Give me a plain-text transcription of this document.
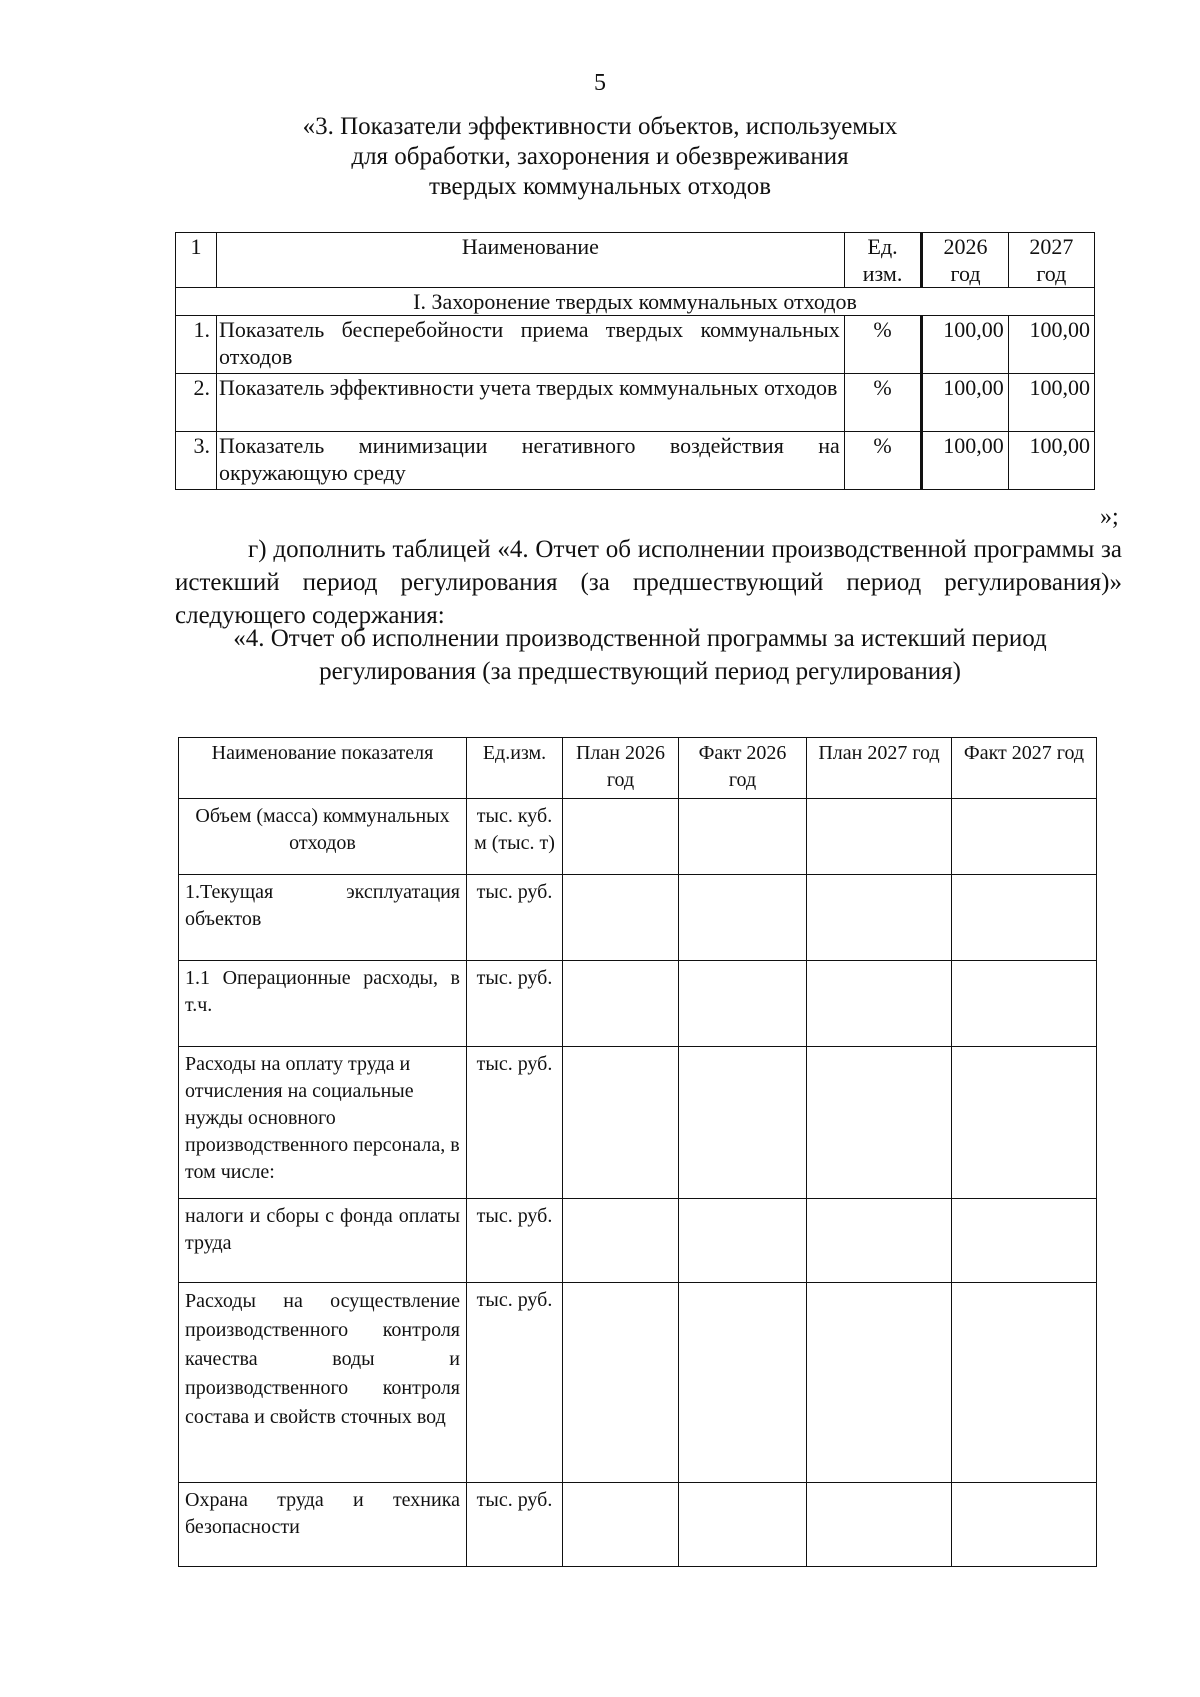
5
«3. Показатели эффективности объектов, используемых
для обработки, захоронения и обезвреживания
твердых коммунальных отходов
1	Наименование	Ед. изм.	2026 год	2027 год
I. Захоронение твердых коммунальных отходов				
1.	Показатель бесперебойности приема твердых коммунальных отходов	%	100,00	100,00
2.	Показатель эффективности учета твердых коммунальных отходов	%	100,00	100,00
3.	Показатель минимизации негативного воздействия на окружающую среду	%	100,00	100,00
»;
г) дополнить таблицей «4. Отчет об исполнении производственной программы за истекший период регулирования (за предшествующий период регулирования)» следующего содержания:
«4. Отчет об исполнении производственной программы за истекший период
регулирования (за предшествующий период регулирования)
Наименование показателя	Ед.изм.	План 2026 год	Факт 2026 год	План 2027 год	Факт 2027 год
Объем (масса) коммунальных отходов	тыс. куб. м (тыс. т)				
1.Текущая эксплуатация объектов	тыс. руб.				
1.1 Операционные расходы, в т.ч.	тыс. руб.				
Расходы на оплату труда и отчисления на социальные нужды основного производственного персонала, в том числе:	тыс. руб.				
налоги и сборы с фонда оплаты труда	тыс. руб.				
Расходы на осуществление производственного контроля качества воды и производственного контроля состава и свойств сточных вод	тыс. руб.				
Охрана труда и техника безопасности	тыс. руб.				
